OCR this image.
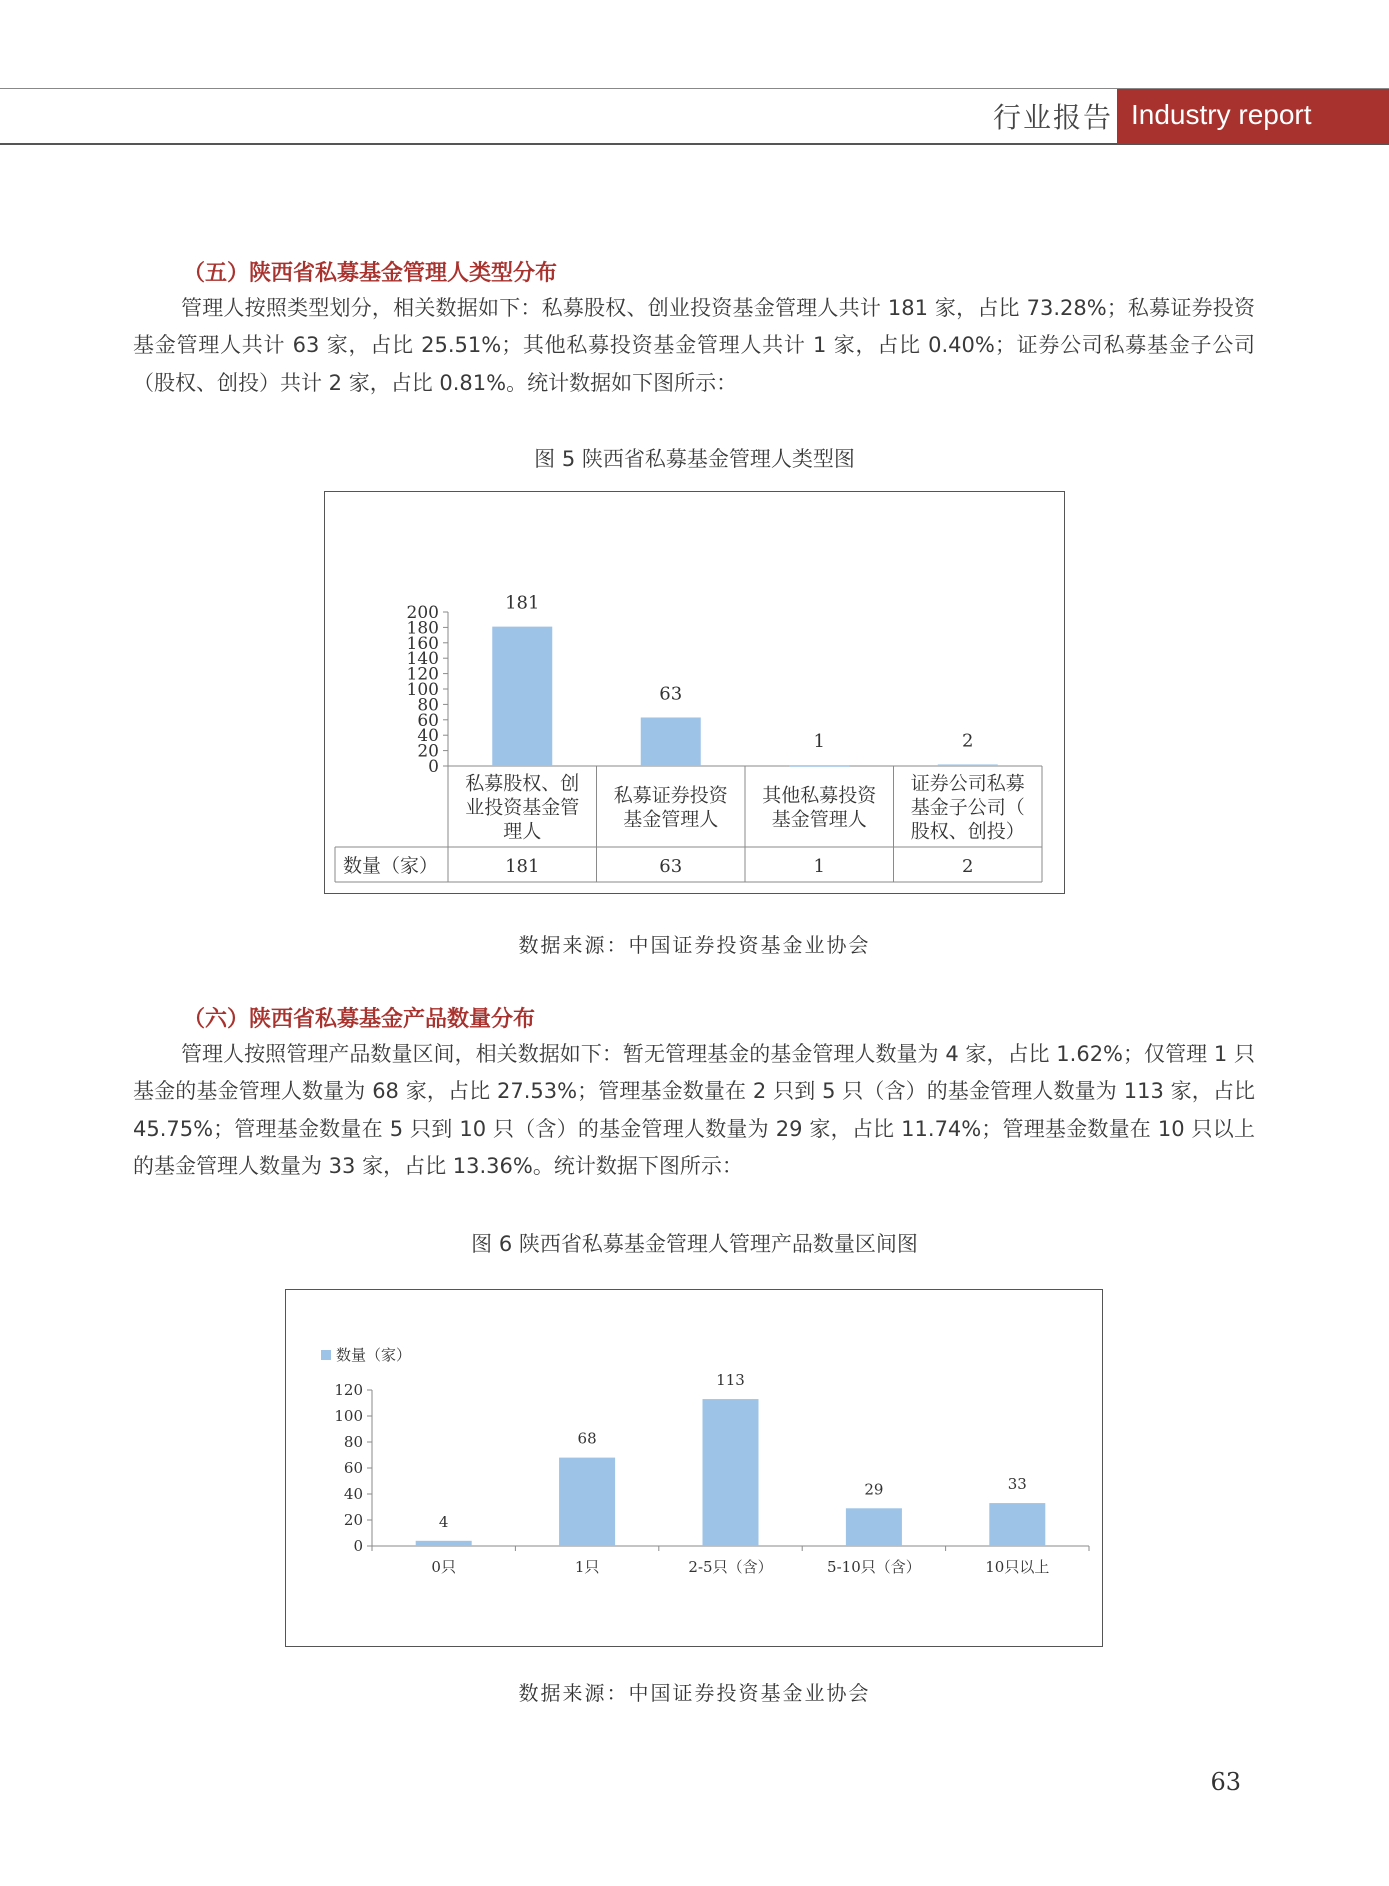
行业报告 Industry report
（五）陕西省私募基金管理人类型分布

管理人按照类型划分，相关数据如下：私募股权、创业投资基金管理人共计 181 家，占比 73.28%；私募证券投资基金管理人共计 63 家，占比 25.51%；其他私募投资基金管理人共计 1 家，占比 0.40%；证券公司私募基金子公司（股权、创投）共计 2 家，占比 0.81%。统计数据如下图所示：

图 5 陕西省私募基金管理人类型图
0
20
40
60
80
100
120
140
160
180
200
数量（家）
181
私募股权、创
业投资基金管
理人
181
63
私募证券投资
基金管理人
63
1
其他私募投资
基金管理人
1
2
证券公司私募
基金子公司（
股权、创投）
2
数据来源：中国证券投资基金业协会
（六）陕西省私募基金产品数量分布

管理人按照管理产品数量区间，相关数据如下：暂无管理基金的基金管理人数量为 4 家，占比 1.62%；仅管理 1 只基金的基金管理人数量为 68 家，占比 27.53%；管理基金数量在 2 只到 5 只（含）的基金管理人数量为 113 家，占比 45.75%；管理基金数量在 5 只到 10 只（含）的基金管理人数量为 29 家，占比 11.74%；管理基金数量在 10 只以上的基金管理人数量为 33 家，占比 13.36%。统计数据下图所示：

图 6 陕西省私募基金管理人管理产品数量区间图
数量（家）
0
20
40
60
80
100
120
4
0只
68
1只
113
2-5只（含）
29
5-10只（含）
33
10只以上
数据来源：中国证券投资基金业协会
63
